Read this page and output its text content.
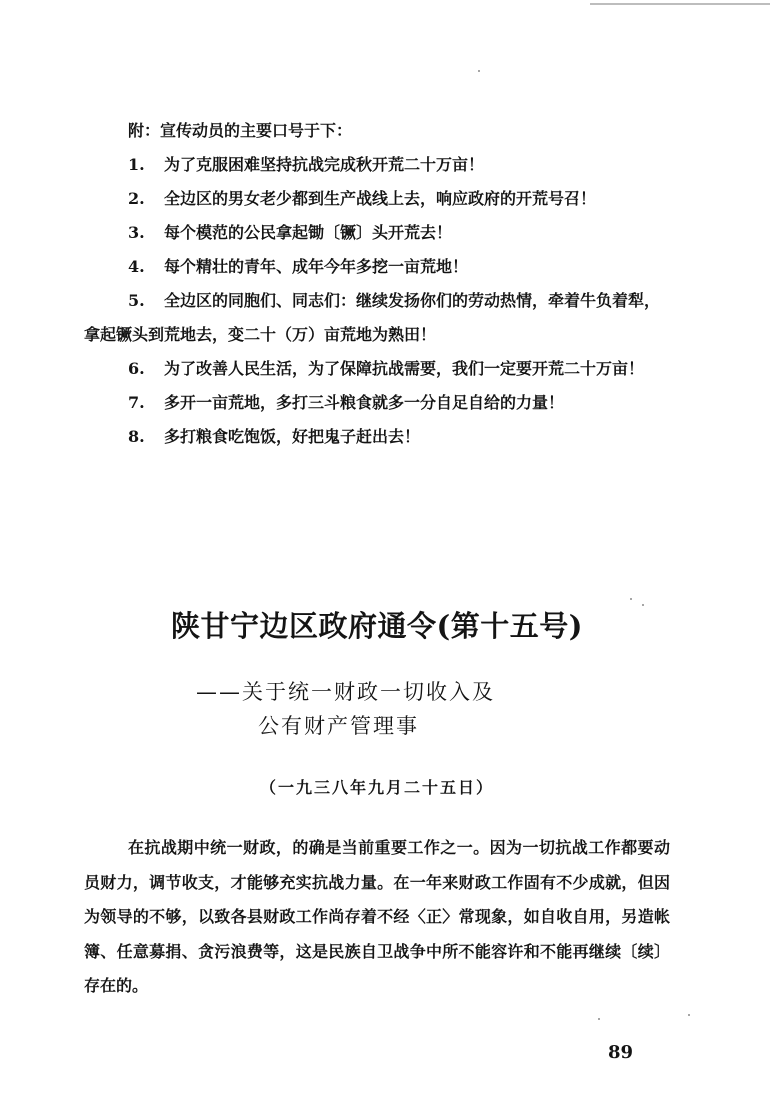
附：宣传动员的主要口号于下：

1. 为了克服困难坚持抗战完成秋开荒二十万亩！

2. 全边区的男女老少都到生产战线上去，响应政府的开荒号召！

3. 每个模范的公民拿起锄〔镢〕头开荒去！

4. 每个精壮的青年、成年今年多挖一亩荒地！

5. 全边区的同胞们、同志们：继续发扬你们的劳动热情，牵着牛负着犁，拿起镢头到荒地去，变二十（万）亩荒地为熟田！

6. 为了改善人民生活，为了保障抗战需要，我们一定要开荒二十万亩！

7. 多开一亩荒地，多打三斗粮食就多一分自足自给的力量！

8. 多打粮食吃饱饭，好把鬼子赶出去！

陕甘宁边区政府通令(第十五号)
——关于统一财政一切收入及
公有财产管理事
（一九三八年九月二十五日）

在抗战期中统一财政，的确是当前重要工作之一。因为一切抗战工作都要动员财力，调节收支，才能够充实抗战力量。在一年来财政工作固有不少成就，但因为领导的不够，以致各县财政工作尚存着不经〈正〉常现象，如自收自用，另造帐簿、任意募捐、贪污浪费等，这是民族自卫战争中所不能容许和不能再继续〔续〕存在的。

89
